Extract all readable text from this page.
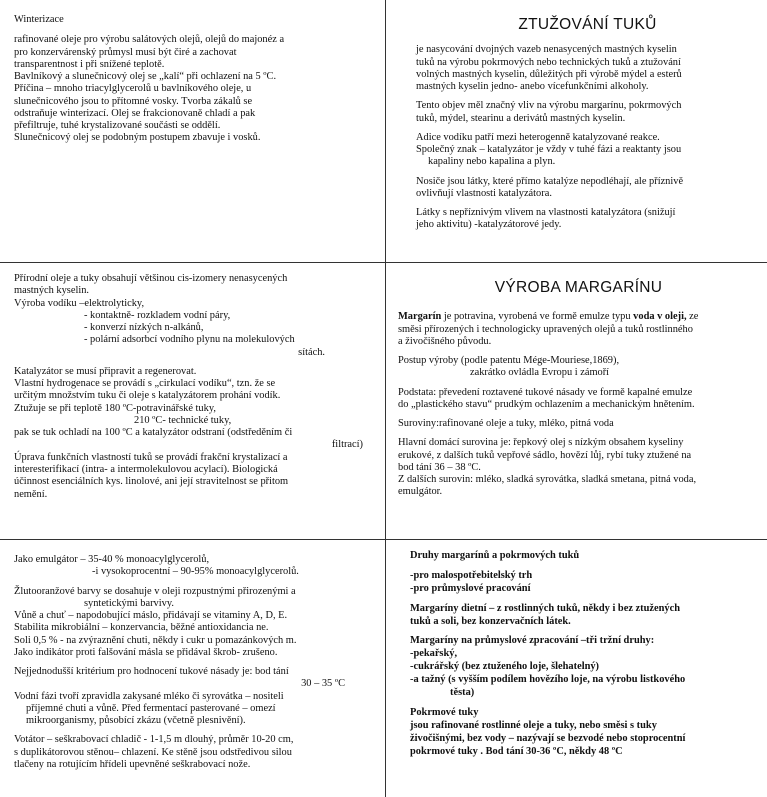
Winterizace

rafinované oleje pro výrobu salátových olejů, olejů do majonéz a

pro konzervárenský průmysl musí být čiré a zachovat

transparentnost i při snížené teplotě.

Bavlníkový a slunečnicový olej se „kalí“ při ochlazení na 5 ºC.

Příčina – mnoho triacylglycerolů u bavlníkového oleje, u

slunečnicového jsou to přítomné vosky. Tvorba zákalů se

odstraňuje winterizací. Olej se frakcionovaně chladí a pak

přefiltruje, tuhé krystalizované součásti se oddělí.

Slunečnicový olej se podobným postupem zbavuje i vosků.

ZTUŽOVÁNÍ TUKŮ

je nasycování dvojných vazeb nenasycených mastných kyselin

tuků na výrobu pokrmových nebo technických tuků a ztužování

volných mastných kyselin, důležitých při výrobě mýdel a esterů

mastných kyselin jedno- anebo vícefunkčními alkoholy.

Tento objev měl značný vliv na výrobu margarínu, pokrmových

tuků, mýdel, stearinu a derivátů mastných kyselin.

Adice vodíku patří mezi heterogenně katalyzované reakce.

Společný znak – katalyzátor je vždy v tuhé fázi a reaktanty jsou

kapaliny nebo kapalina a plyn.

Nosiče jsou látky, které přímo katalýze nepodléhají, ale příznivě

ovlivňují vlastnosti katalyzátora.

Látky s nepříznivým vlivem na vlastnosti katalyzátora (snižují

jeho aktivitu) -katalyzátorové jedy.

Přírodní oleje a tuky obsahují většinou cis-izomery nenasycených

mastných kyselin.

Výroba vodíku –elektrolyticky,

- kontaktně- rozkladem vodní páry,

- konverzí nízkých n-alkánů,

- polární adsorbcí vodního plynu na molekulových

sítách.

Katalyzátor se musí připravit a regenerovat.

Vlastní hydrogenace se provádí s „cirkulací vodíku“, tzn. že se

určitým množstvím tuku či oleje s katalyzátorem prohání vodík.

Ztužuje se při teplotě 180 ºC-potravinářské tuky,

210 ºC- technické tuky,

pak se tuk ochladí na 100 ºC a katalyzátor odstraní (odstředěním či

filtrací)

Úprava funkčních vlastností tuků se provádí frakční krystalizací a

interesterifikací (intra- a intermolekulovou acylací). Biologická

účinnost esenciálních kys. linolové, ani její stravitelnost se přitom

nemění.

VÝROBA MARGARÍNU

Margarín je potravina, vyrobená ve formě emulze typu voda v oleji, ze

směsi přírozených i technologicky upravených olejů a tuků rostlinného

a živočišného původu.

Postup výroby (podle patentu Mége-Mouriese,1869),

zakrátko ovládla Evropu i zámoří

Podstata: převedení roztavené tukové násady ve formě kapalné emulze

do „plastického stavu“ prudkým ochlazením a mechanickým hnětením.

Suroviny:rafinované oleje a tuky, mléko, pitná voda

Hlavní domácí surovina je: řepkový olej s nízkým obsahem kyseliny

erukové, z dalších tuků vepřové sádlo, hovězí lůj, rybí tuky ztužené na

bod tání 36 – 38 ºC.

Z dalších surovin: mléko, sladká syrovátka, sladká smetana, pitná voda,

emulgátor.

Jako emulgátor – 35-40 % monoacylglycerolů,

-i vysokoprocentní – 90-95% monoacylglycerolů.

Žlutooranžové barvy se dosahuje v oleji rozpustnými přirozenými a

syntetickými barvivy.

Vůně a chuť – napodobující máslo, přidávají se vitaminy A, D, E.

Stabilita mikrobiální – konzervancia, běžné antioxidancia ne.

Soli 0,5 % - na zvýraznění chuti, někdy i cukr u pomazánkových m.

Jako indikátor proti falšování másla se přidával škrob- zrušeno.

Nejjednodušší kritérium pro hodnocení tukové násady je: bod tání

30 – 35 ºC

Vodní fázi tvoří zpravidla zakysané mléko či syrovátka – nositeli

příjemné chuti a vůně. Před fermentací pasterované – omezí

mikroorganismy, působící zkázu (včetně plesnivění).

Votátor – seškrabovací chladič - 1-1,5 m dlouhý, průměr 10-20 cm,

s duplikátorovou stěnou– chlazení. Ke stěně jsou odstředivou silou

tlačeny na rotujícím hřídeli upevněné seškrabovací nože.

Druhy margarínů a pokrmových tuků

-pro malospotřebitelský trh

-pro průmyslové pracování

Margaríny dietní – z rostlinných tuků, někdy i bez ztužených

tuků a soli, bez konzervačních látek.

Margaríny na průmyslové zpracování –tři tržní druhy:

-pekařský,

-cukrářský (bez ztuženého loje, šlehatelný)

-a tažný (s vyšším podílem hovězího loje, na výrobu listkového

těsta)

Pokrmové tuky

jsou rafinované rostlinné oleje a tuky, nebo směsi s tuky

živočišnými, bez vody – nazývají se bezvodé nebo stoprocentní

pokrmové tuky . Bod tání 30-36 ºC, někdy 48 ºC
